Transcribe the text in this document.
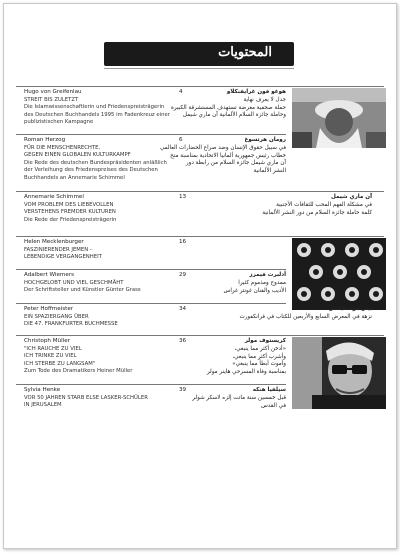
المحتويات
Hugo von Greifenlau	4
STREIT BIS ZULETZT
Die Islamwissenschaftlerin und Friedenspreisträgerin
des Deutschen Buchhandels 1995 im Fadenkreuz einer
publizistischen Kampagne
هوغو فون غرايفنكلاو
جدل لا يعرف نهاية
حملة صحفية مغرضة تستهدف المستشرقة الكبيرة
وحاملة جائزة السلام الألمانية آن ماري شيمل
Roman Herzog	6
FÜR DIE MENSCHENRECHTE,
GEGEN EINEN GLOBALEN KULTURKAMPF
Die Rede des deutschen Bundespräsidenten anläßlich
der Verleihung des Friedenspreises des Deutschen
Buchhandels an Annemarie Schimmel
رومان هرتسوغ
في سبيل حقوق الإنسان وضد صراع الحضارات العالمي
خطاب رئيس جمهورية ألمانيا الاتحادية بمناسبة منح
آن ماري شيمل جائزة السلام من رابطة دور
النشر الألمانية
Annemarie Schimmel	13
VOM PROBLEM DES LIEBEVOLLEN
VERSTEHENS FREMDER KULTUREN
Die Rede der Friedenspreisträgerin
آن ماري شيمل
في مشكلة الفهم المحب للثقافات الأجنبية
كلمة حاملة جائزة السلام من دور النشر الألمانية
Helen Mecklenburger	16
FASZINIERENDER JEMEN -
LEBENDIGE VERGANGENHEIT
Adalbert Wiemers	29
HOCHGELOBT UND VIEL GESCHMÄHT
Der Schriftsteller und Künstler Günter Grass
أدلبرت فيمرز
ممدوح ومذموم كثيرا
الأديب والفنان غونتر غراس
Peter Hoffmeister	34
EIN SPAZIERGANG ÜBER
DIE 47. FRANKFURTER BUCHMESSE
بيتر هوفمايستر
نزهة في المعرض السابع والأربعين للكتاب في فرانكفورت
Christoph Müller	36
"ICH RAUCHE ZU VIEL
ICH TRINKE ZU VIEL
ICH STERBE ZU LANGSAM"
Zum Tode des Dramatikers Heiner Müller
كريستوف مولر
«أدخن أكثر مما ينبغي،
وأشرب أكثر مما ينبغي،
وأموت أبطأ مما ينبغي»
بمناسبة وفاة المسرحي هاينر مولر
Sylvia Henke	39
VOR 50 JAHREN STARB ELSE LASKER-SCHÜLER
IN JERUSALEM
سيلفيا هنكه
قبل خمسين سنة ماتت إلزه لاسكر شولر
في القدس
